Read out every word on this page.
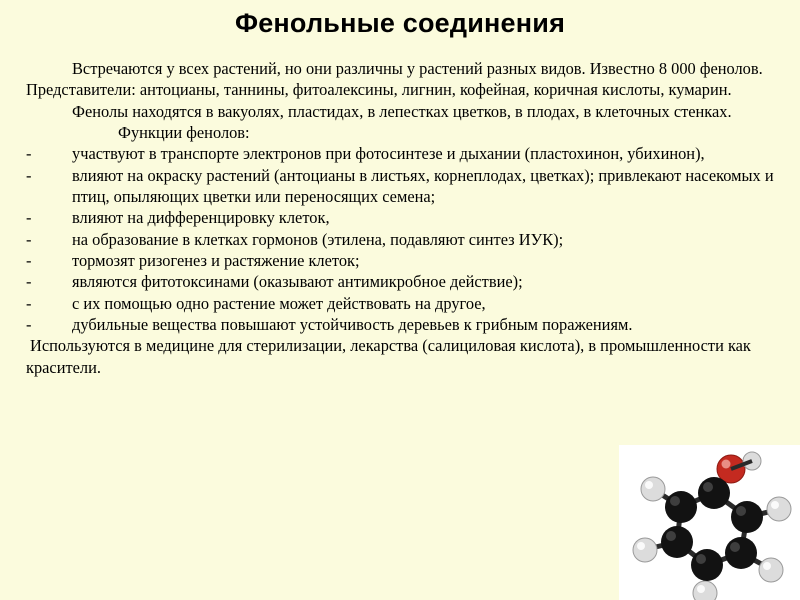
Фенольные соединения

Встречаются у всех растений, но они различны у растений разных видов. Известно 8 000 фенолов.

Представители: антоцианы, таннины, фитоалексины, лигнин, кофейная, коричная кислоты, кумарин.

Фенолы находятся в вакуолях, пластидах, в лепестках цветков, в плодах, в клеточных стенках.

Функции фенолов:

- участвуют в транспорте электронов при фотосинтезе и дыхании (пластохинон, убихинон),

- влияют на окраску растений (антоцианы в листьях, корнеплодах, цветках); привлекают насекомых и птиц, опыляющих цветки или переносящих семена;

- влияют на дифференцировку клеток,

- на образование в клетках гормонов (этилена, подавляют синтез ИУК);

- тормозят ризогенез и растяжение клеток;

- являются фитотоксинами (оказывают антимикробное действие);

- с их помощью одно растение может действовать на другое,

- дубильные вещества повышают устойчивость деревьев к грибным поражениям.

Используются в медицине для стерилизации, лекарства (салициловая кислота), в промышленности как красители.
